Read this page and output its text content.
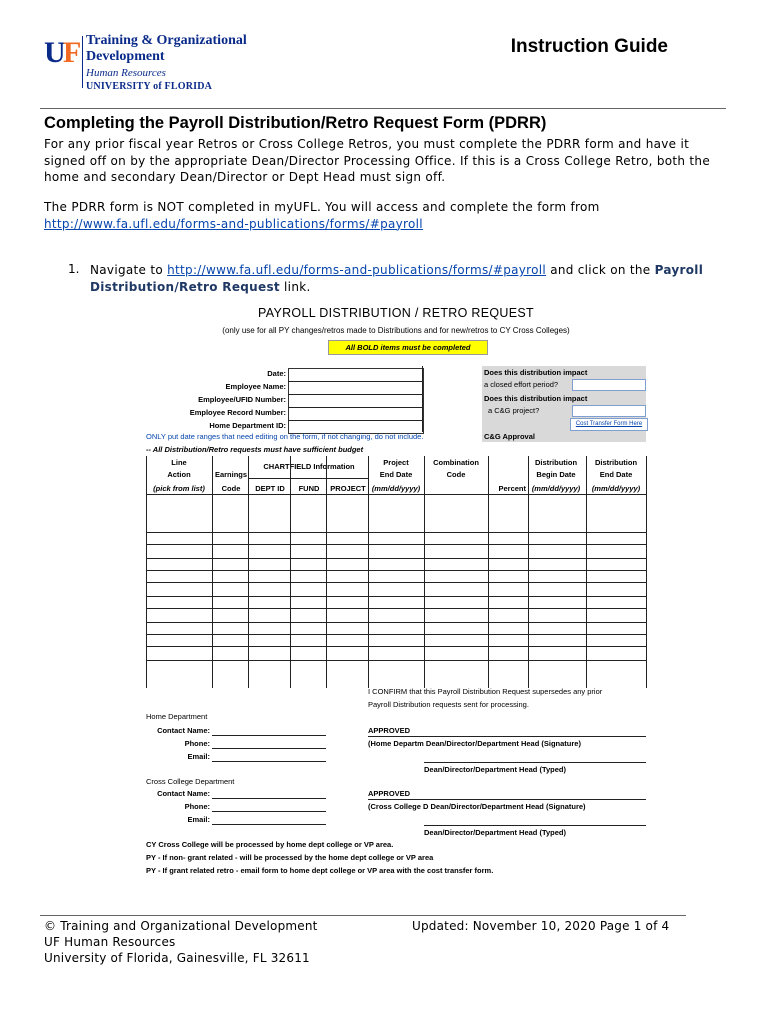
U
F Training & Organizational
Development
Human Resources
UNIVERSITY of FLORIDA
Instruction Guide
Completing the Payroll Distribution/Retro Request Form (PDRR)
For any prior fiscal year Retros or Cross College Retros, you must complete the PDRR form and have it signed off on by the appropriate Dean/Director Processing Office. If this is a Cross College Retro, both the home and secondary Dean/Director or Dept Head must sign off.
The PDRR form is NOT completed in myUFL. You will access and complete the form from
http://www.fa.ufl.edu/forms-and-publications/forms/#payroll
1. Navigate to http://www.fa.ufl.edu/forms-and-publications/forms/#payroll and click on the Payroll Distribution/Retro Request link.
PAYROLL DISTRIBUTION / RETRO REQUEST
(only use for all PY changes/retros made to Distributions and for new/retros to CY Cross Colleges)
All BOLD items must be completed
Date:
Employee Name:
Employee/UFID Number:
Employee Record Number:
Home Department ID:
Does this distribution impact
a closed effort period?
Does this distribution impact
a C&G project?
Cost Transfer Form Here
C&G Approval
ONLY put date ranges that need editing on the form, if not changing, do not include.
-- All Distribution/Retro requests must have sufficient budget
Line
Action
(pick from list)
Earnings
Code
CHARTFIELD Information
DEPT ID	FUND	PROJECT
Project
End Date
(mm/dd/yyyy)
Combination
Code
Percent
Distribution
Begin Date
(mm/dd/yyyy)
Distribution
End Date
(mm/dd/yyyy)
I CONFIRM that this Payroll Distribution Request supersedes any prior
Payroll Distribution requests sent for processing.
Home Department
Contact Name:
Phone:
Email:
APPROVED
(Home Departm Dean/Director/Department Head (Signature)
Dean/Director/Department Head (Typed)
Cross College Department
Contact Name:
Phone:
Email:
APPROVED
(Cross College D Dean/Director/Department Head (Signature)
Dean/Director/Department Head (Typed)
CY Cross College will be processed by home dept college or VP area.
PY - If non- grant related - will be processed by the home dept college or VP area
PY - If grant related retro - email form to home dept college or VP area with the cost transfer form.
© Training and Organizational Development
UF Human Resources
University of Florida, Gainesville, FL 32611
Updated: November 10, 2020 Page 1 of 4
